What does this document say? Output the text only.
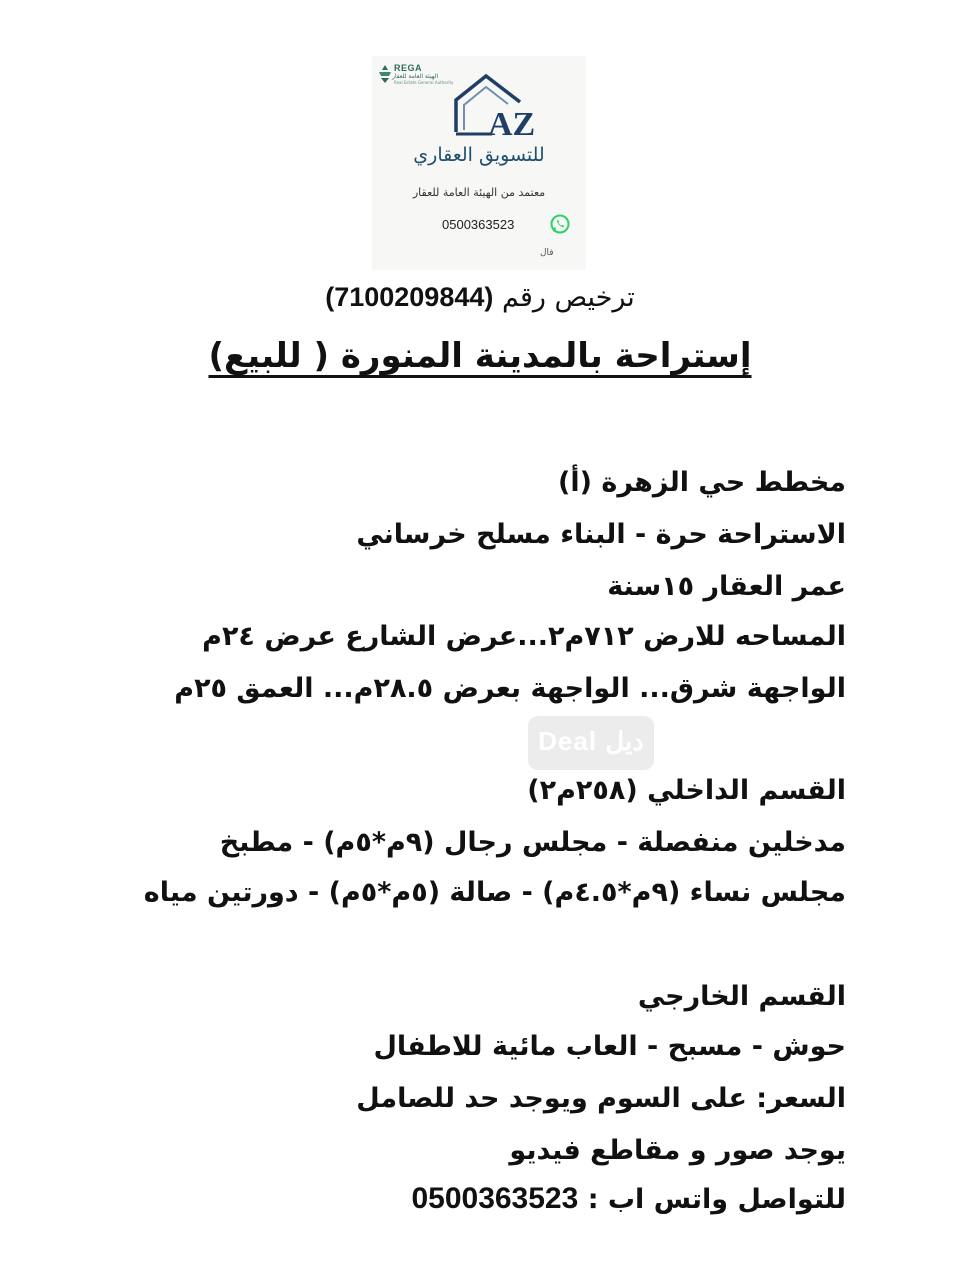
REGA
الهيئة العامة للعقار
Real Estate General Authority
AZ
للتسويق العقاري
معتمد من الهيئة العامة للعقار
0500363523
فال
ترخيص رقم (7100209844)
إستراحة بالمدينة المنورة ( للبيع)
مخطط حي الزهرة (أ)
الاستراحة حرة - البناء مسلح خرساني
عمر العقار ١٥سنة
المساحه للارض ٧١٢م٢...عرض الشارع عرض ٢٤م
الواجهة شرق... الواجهة بعرض ٢٨.٥م... العمق ٢٥م
Deal ديل
القسم الداخلي (٢٥٨م٢)
مدخلين منفصلة - مجلس رجال (٩م*٥م) - مطبخ
مجلس نساء (٩م*٤.٥م) - صالة (٥م*٥م) - دورتين مياه
القسم الخارجي
حوش - مسبح - العاب مائية للاطفال
السعر: على السوم ويوجد حد للصامل
يوجد صور و مقاطع فيديو
للتواصل واتس اب : 0500363523
